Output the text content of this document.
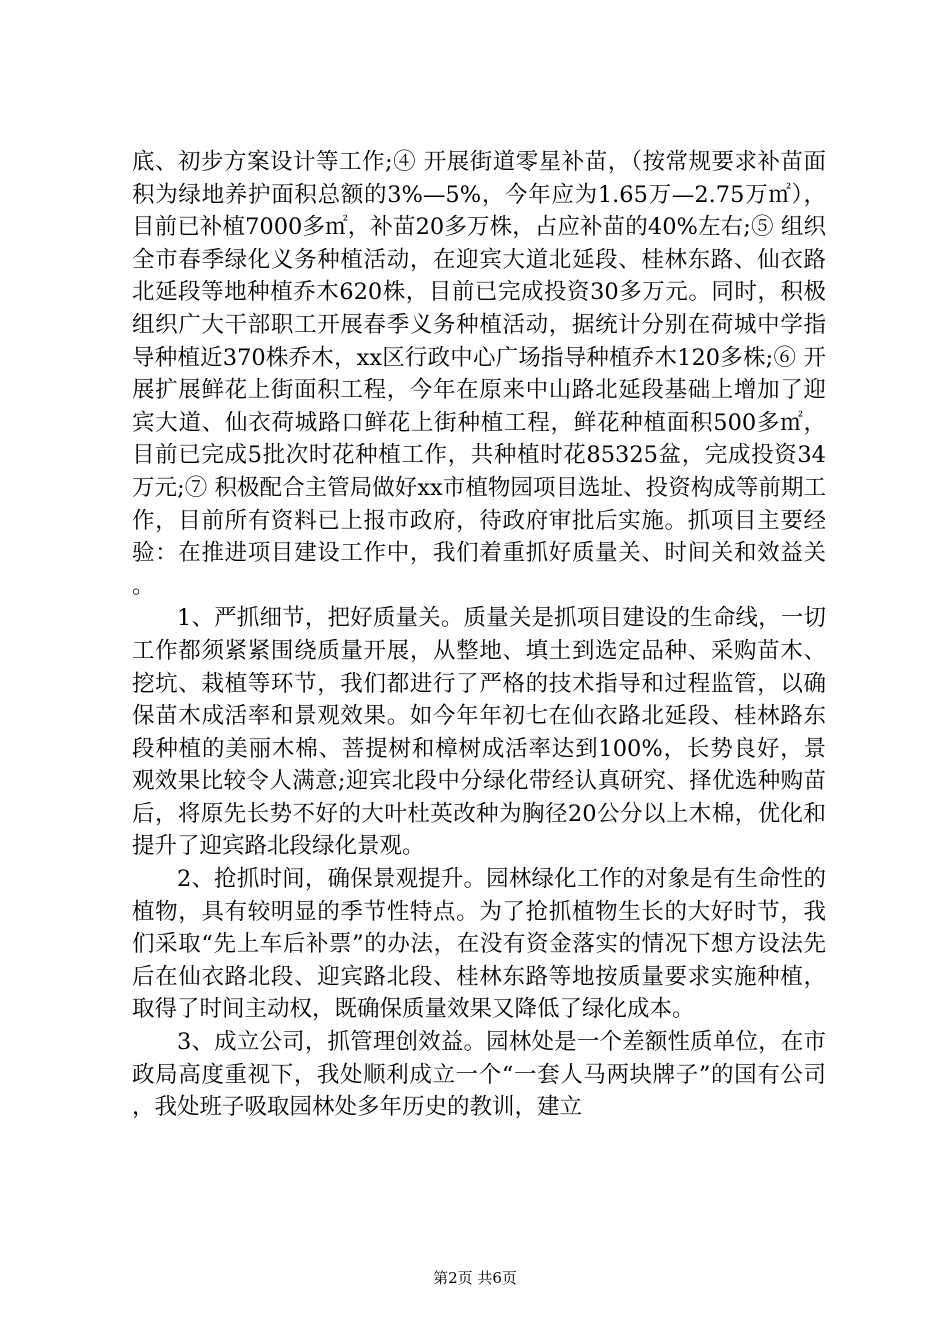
底、初步方案设计等工作;④ 开展街道零星补苗，（按常规要求补苗面积为绿地养护面积总额的3%—5%，今年应为1.65万—2.75万㎡），目前已补植7000多㎡，补苗20多万株，占应补苗的40%左右;⑤ 组织全市春季绿化义务种植活动，在迎宾大道北延段、桂林东路、仙衣路北延段等地种植乔木620株，目前已完成投资30多万元。同时，积极组织广大干部职工开展春季义务种植活动，据统计分别在荷城中学指导种植近370株乔木，xx区行政中心广场指导种植乔木120多株;⑥ 开展扩展鲜花上街面积工程，今年在原来中山路北延段基础上增加了迎宾大道、仙衣荷城路口鲜花上街种植工程，鲜花种植面积500多㎡，目前已完成5批次时花种植工作，共种植时花85325盆，完成投资34万元;⑦ 积极配合主管局做好xx市植物园项目选址、投资构成等前期工作，目前所有资料已上报市政府，待政府审批后实施。抓项目主要经验：在推进项目建设工作中，我们着重抓好质量关、时间关和效益关。

1、严抓细节，把好质量关。质量关是抓项目建设的生命线，一切工作都须紧紧围绕质量开展，从整地、填土到选定品种、采购苗木、挖坑、栽植等环节，我们都进行了严格的技术指导和过程监管，以确保苗木成活率和景观效果。如今年年初七在仙衣路北延段、桂林路东段种植的美丽木棉、菩提树和樟树成活率达到100%，长势良好，景观效果比较令人满意;迎宾北段中分绿化带经认真研究、择优选种购苗后，将原先长势不好的大叶杜英改种为胸径20公分以上木棉，优化和提升了迎宾路北段绿化景观。

2、抢抓时间，确保景观提升。园林绿化工作的对象是有生命性的植物，具有较明显的季节性特点。为了抢抓植物生长的大好时节，我们采取“先上车后补票”的办法，在没有资金落实的情况下想方设法先后在仙衣路北段、迎宾路北段、桂林东路等地按质量要求实施种植，取得了时间主动权，既确保质量效果又降低了绿化成本。

3、成立公司，抓管理创效益。园林处是一个差额性质单位，在市政局高度重视下，我处顺利成立一个“一套人马两块牌子”的国有公司，我处班子吸取园林处多年历史的教训，建立

第2页 共6页
